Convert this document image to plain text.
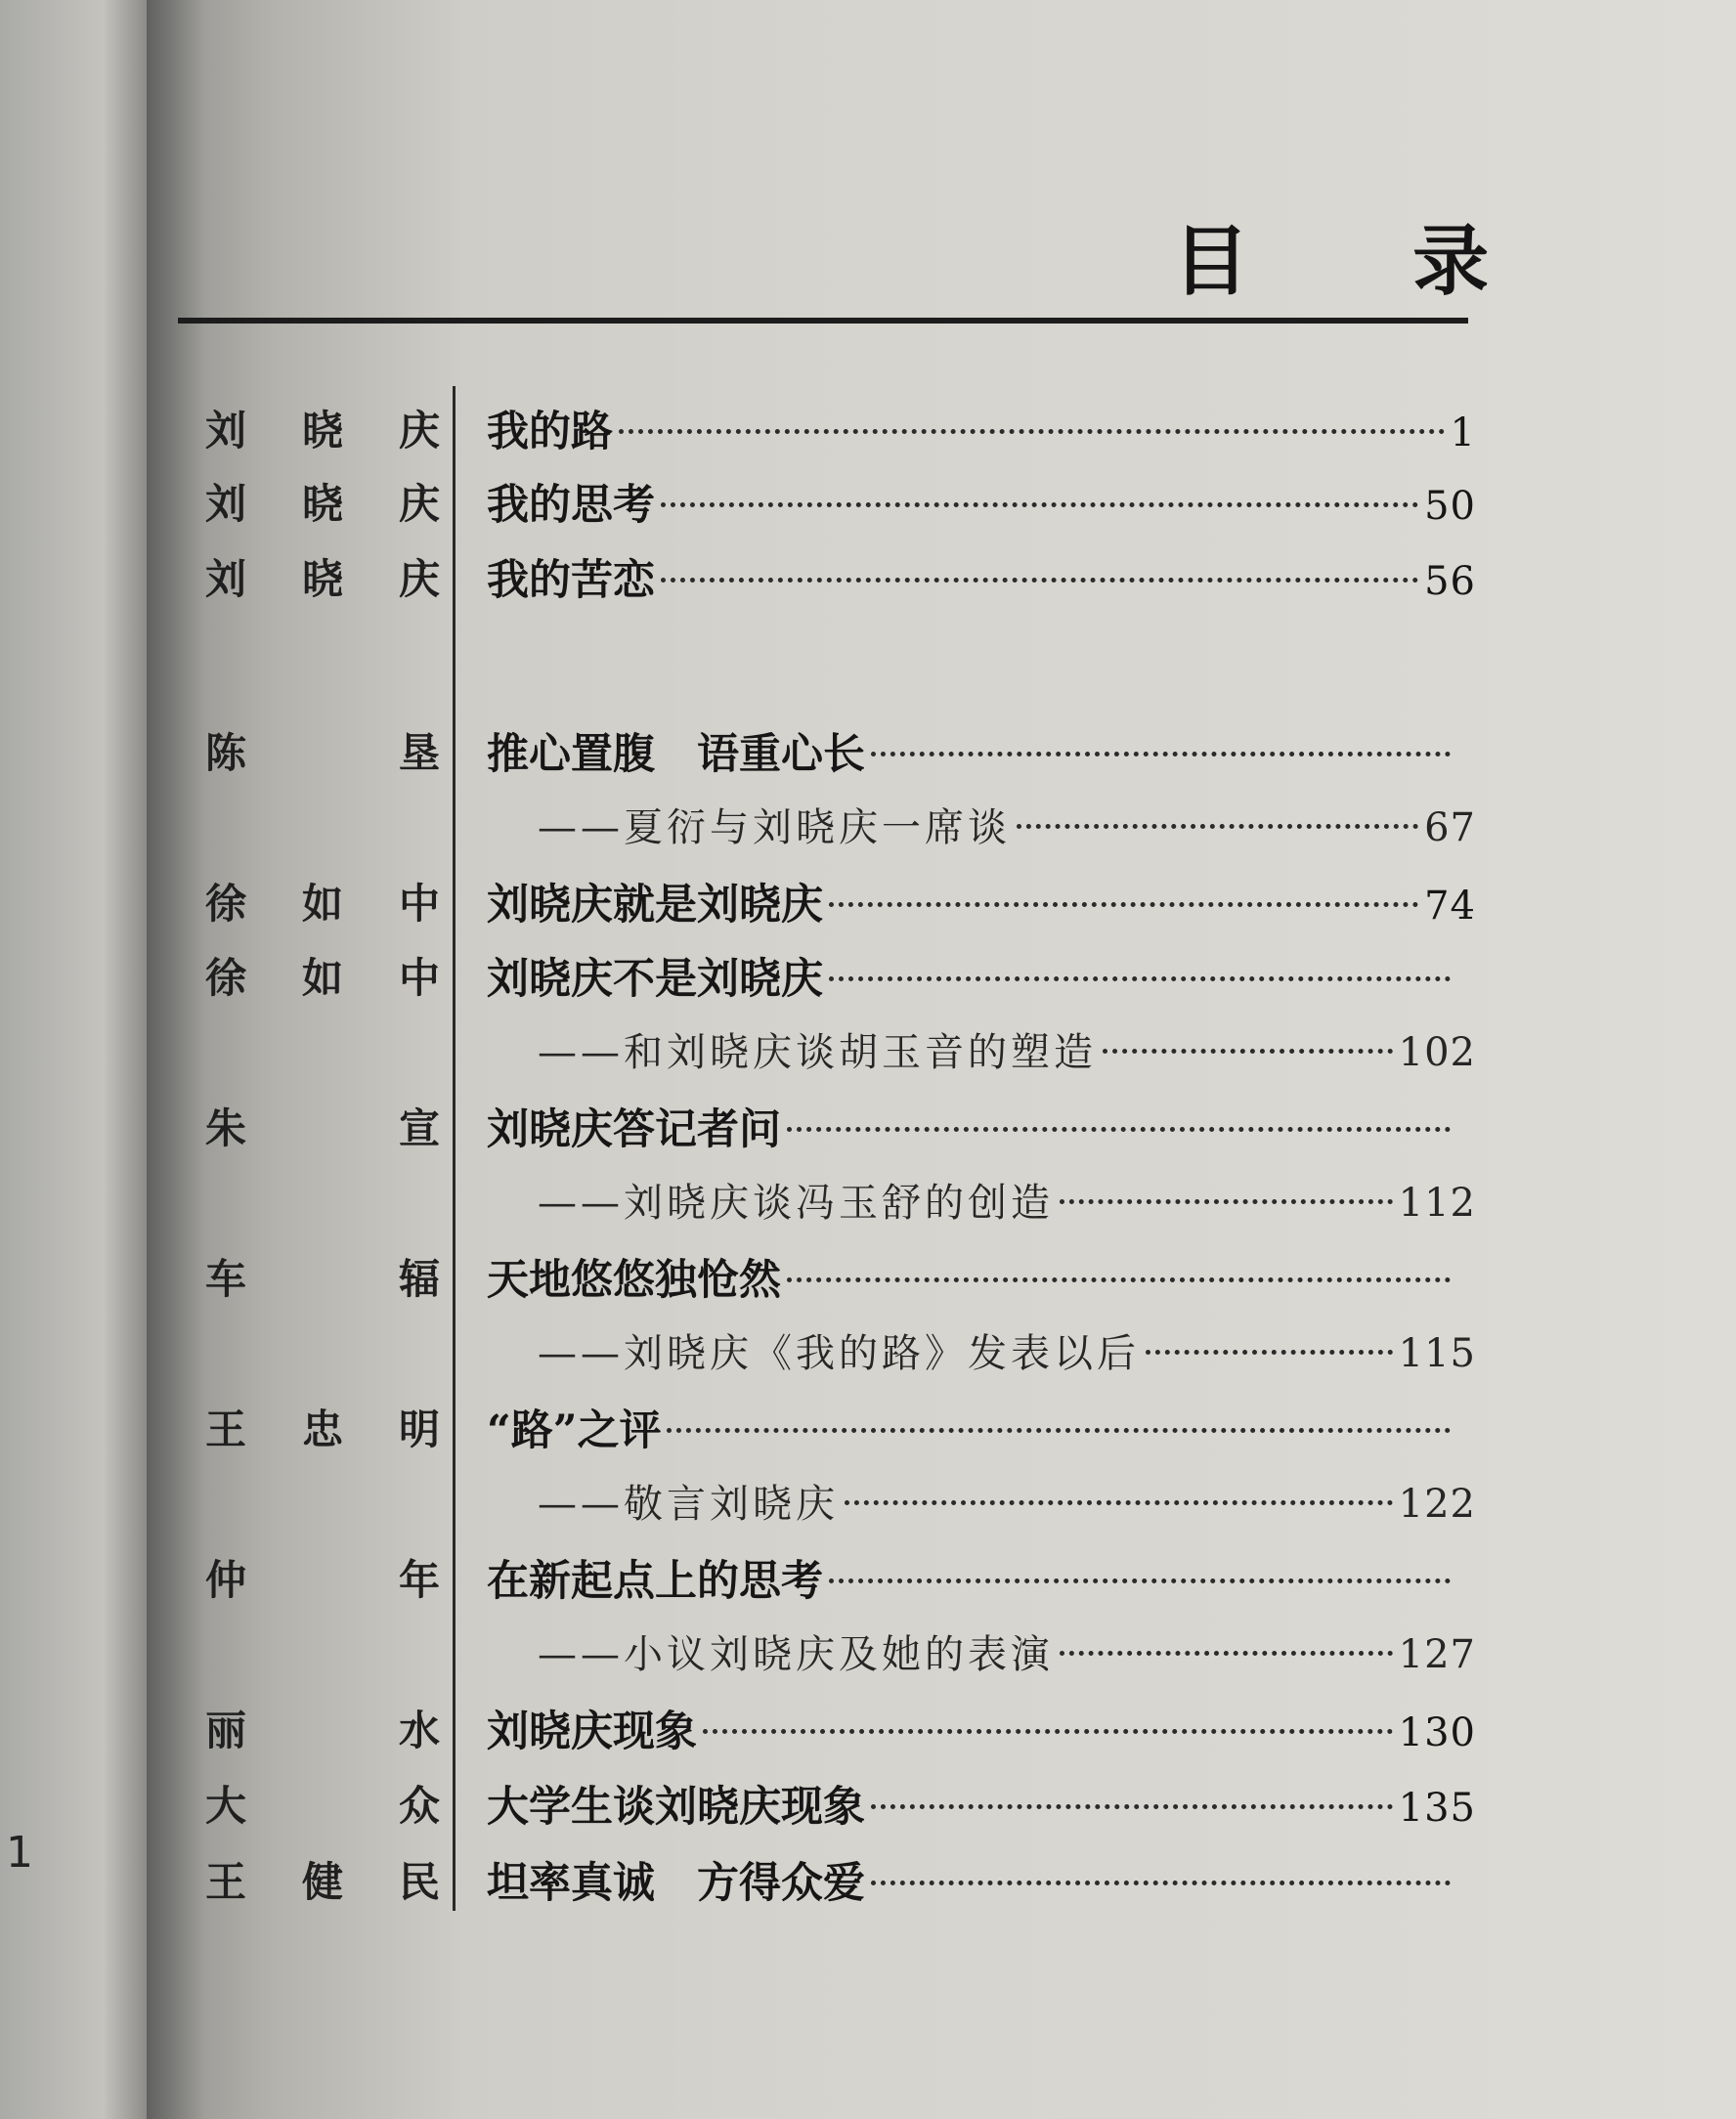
1
目 录
刘 晓 庆 我的路	1
刘 晓 庆 我的思考	50
刘 晓 庆 我的苦恋	56
陈	垦 推心置腹　语重心长
——夏衍与刘晓庆一席谈	67
徐 如 中 刘晓庆就是刘晓庆	74
徐 如 中 刘晓庆不是刘晓庆
——和刘晓庆谈胡玉音的塑造	102
朱	宣 刘晓庆答记者问
——刘晓庆谈冯玉舒的创造	112
车	辐 天地悠悠独怆然
——刘晓庆《我的路》发表以后	115
王 忠 明 “路”之评
——敬言刘晓庆	122
仲	年 在新起点上的思考
——小议刘晓庆及她的表演	127
丽	水 刘晓庆现象	130
大	众 大学生谈刘晓庆现象	135
王 健 民 坦率真诚　方得众爱
